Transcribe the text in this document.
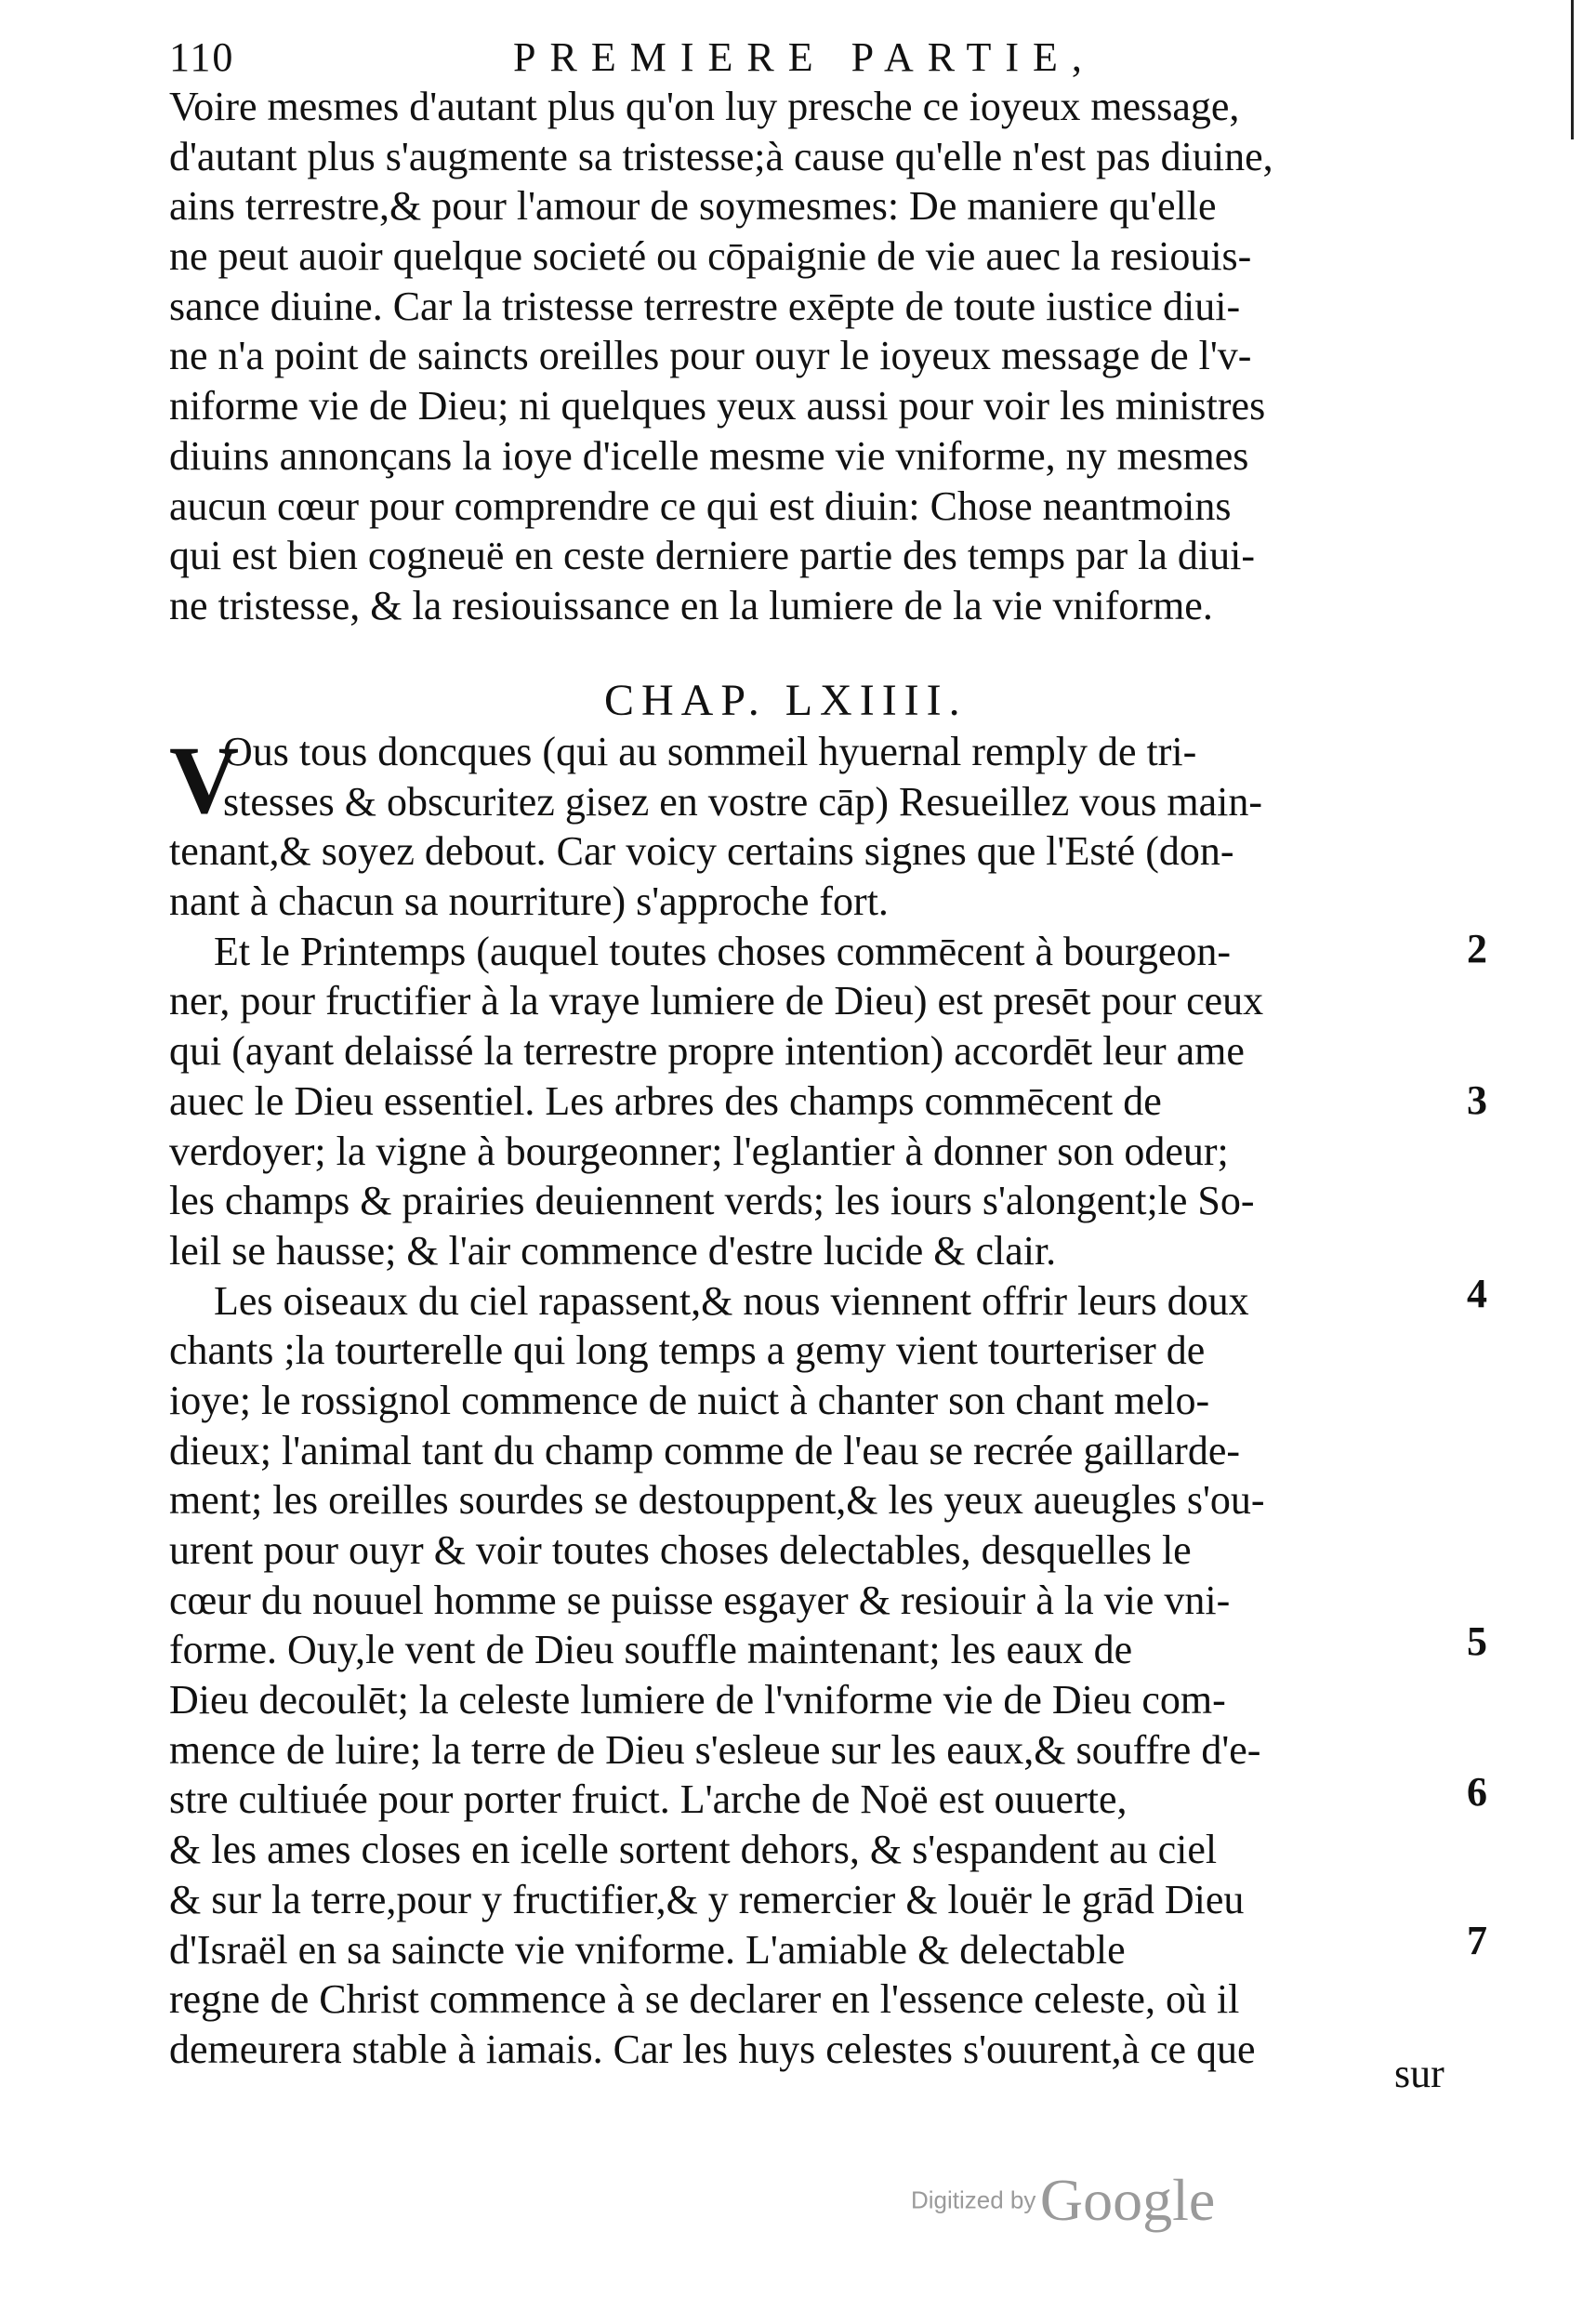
110	PREMIERE PARTIE,
Voire mesmes d'autant plus qu'on luy presche ce ioyeux message,
d'autant plus s'augmente sa tristesse;à cause qu'elle n'est pas diuine,
ains terrestre,& pour l'amour de soymesmes: De maniere qu'elle
ne peut auoir quelque societé ou cōpaignie de vie auec la resiouis-
sance diuine. Car la tristesse terrestre exēpte de toute iustice diui-
ne n'a point de saincts oreilles pour ouyr le ioyeux message de l'v-
niforme vie de Dieu; ni quelques yeux aussi pour voir les ministres
diuins annonçans la ioye d'icelle mesme vie vniforme, ny mesmes
aucun cœur pour comprendre ce qui est diuin: Chose neantmoins
qui est bien cogneuë en ceste derniere partie des temps par la diui-
ne tristesse, & la resiouissance en la lumiere de la vie vniforme.
CHAP. LXIIII.
V
Ous tous doncques (qui au sommeil hyuernal remply de tri-
stesses & obscuritez gisez en vostre cāp) Resueillez vous main-
tenant,& soyez debout. Car voicy certains signes que l'Esté (don-
nant à chacun sa nourriture) s'approche fort.
Et le Printemps (auquel toutes choses commēcent à bourgeon-
ner, pour fructifier à la vraye lumiere de Dieu) est presēt pour ceux
qui (ayant delaissé la terrestre propre intention) accordēt leur ame
auec le Dieu essentiel. Les arbres des champs commēcent de
verdoyer; la vigne à bourgeonner; l'eglantier à donner son odeur;
les champs & prairies deuiennent verds; les iours s'alongent;le So-
leil se hausse; & l'air commence d'estre lucide & clair.
Les oiseaux du ciel rapassent,& nous viennent offrir leurs doux
chants ;la tourterelle qui long temps a gemy vient tourteriser de
ioye; le rossignol commence de nuict à chanter son chant melo-
dieux; l'animal tant du champ comme de l'eau se recrée gaillarde-
ment; les oreilles sourdes se destouppent,& les yeux aueugles s'ou-
urent pour ouyr & voir toutes choses delectables, desquelles le
cœur du nouuel homme se puisse esgayer & resiouir à la vie vni-
forme. Ouy,le vent de Dieu souffle maintenant; les eaux de
Dieu decoulēt; la celeste lumiere de l'vniforme vie de Dieu com-
mence de luire; la terre de Dieu s'esleue sur les eaux,& souffre d'e-
stre cultiuée pour porter fruict. L'arche de Noë est ouuerte,
& les ames closes en icelle sortent dehors, & s'espandent au ciel
& sur la terre,pour y fructifier,& y remercier & louër le grād Dieu
d'Israël en sa saincte vie vniforme. L'amiable & delectable
regne de Christ commence à se declarer en l'essence celeste, où il
demeurera stable à iamais. Car les huys celestes s'ouurent,à ce que
2
3
4
5
6
7
sur
Digitized by Google
